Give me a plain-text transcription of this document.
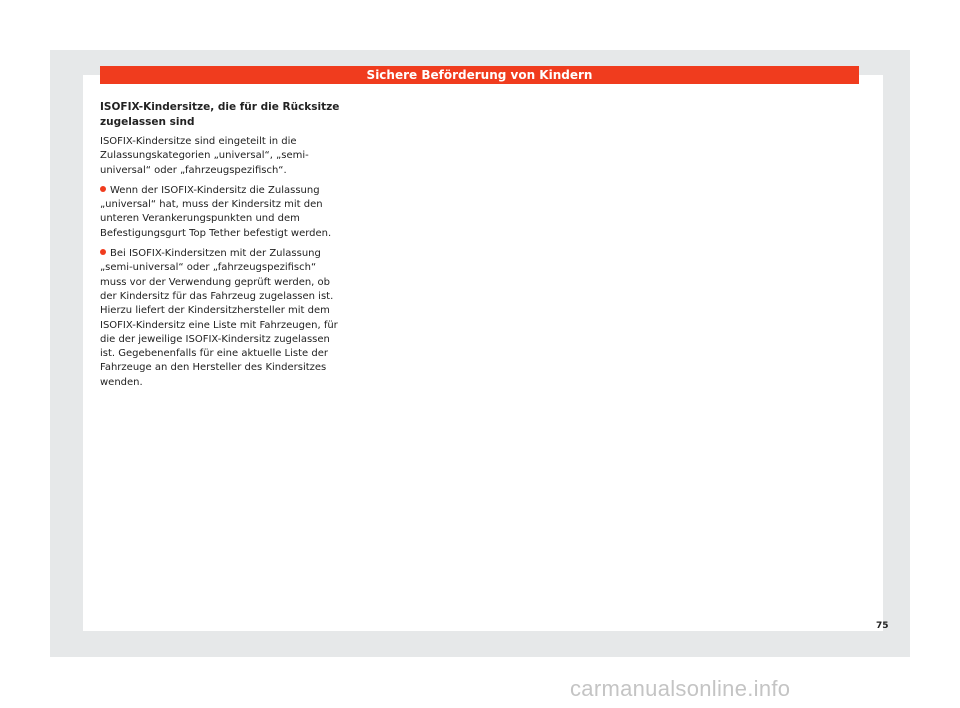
Sichere Beförderung von Kindern
ISOFIX-Kindersitze, die für die Rücksitze zugelassen sind
ISOFIX-Kindersitze sind eingeteilt in die Zulassungskategorien „universal“, „semi-universal“ oder „fahrzeugspezifisch“.
Wenn der ISOFIX-Kindersitz die Zulassung „universal“ hat, muss der Kindersitz mit den unteren Verankerungspunkten und dem Befestigungsgurt Top Tether befestigt werden.
Bei ISOFIX-Kindersitzen mit der Zulassung „semi-universal“ oder „fahrzeugspezifisch“ muss vor der Verwendung geprüft werden, ob der Kindersitz für das Fahrzeug zugelassen ist. Hierzu liefert der Kindersitzhersteller mit dem ISOFIX-Kindersitz eine Liste mit Fahrzeugen, für die der jeweilige ISOFIX-Kindersitz zugelassen ist. Gegebenenfalls für eine aktuelle Liste der Fahrzeuge an den Hersteller des Kindersitzes wenden.
75
carmanualsonline.info
